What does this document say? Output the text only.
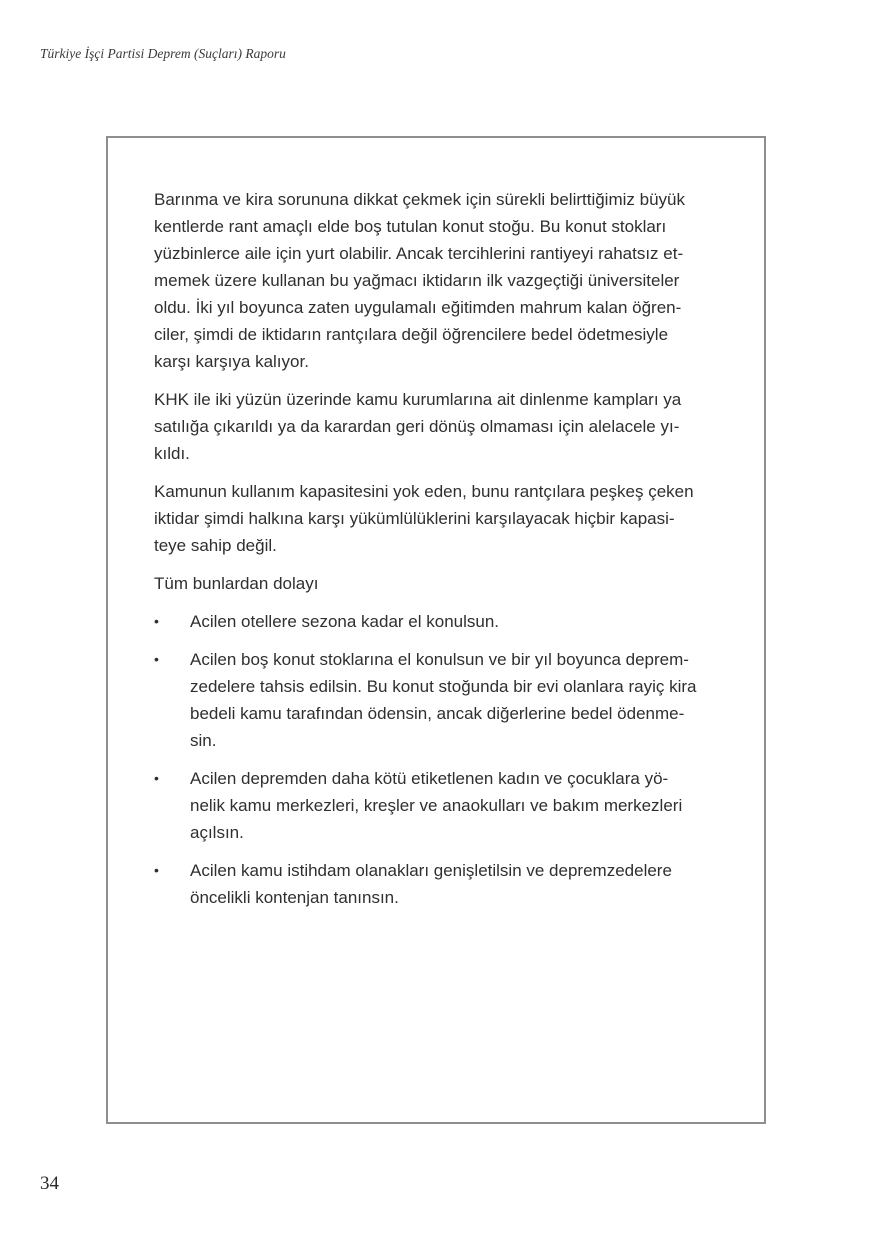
Türkiye İşçi Partisi Deprem (Suçları) Raporu

Barınma ve kira sorununa dikkat çekmek için sürekli belirttiğimiz büyük
kentlerde rant amaçlı elde boş tutulan konut stoğu. Bu konut stokları
yüzbinlerce aile için yurt olabilir. Ancak tercihlerini rantiyeyi rahatsız et-
memek üzere kullanan bu yağmacı iktidarın ilk vazgeçtiği üniversiteler
oldu. İki yıl boyunca zaten uygulamalı eğitimden mahrum kalan öğren-
ciler, şimdi de iktidarın rantçılara değil öğrencilere bedel ödetmesiyle
karşı karşıya kalıyor.

KHK ile iki yüzün üzerinde kamu kurumlarına ait dinlenme kampları ya
satılığa çıkarıldı ya da karardan geri dönüş olmaması için alelacele yı-
kıldı.

Kamunun kullanım kapasitesini yok eden, bunu rantçılara peşkeş çeken
iktidar şimdi halkına karşı yükümlülüklerini karşılayacak hiçbir kapasi-
teye sahip değil.

Tüm bunlardan dolayı

• Acilen otellere sezona kadar el konulsun.
• Acilen boş konut stoklarına el konulsun ve bir yıl boyunca deprem-
zedelere tahsis edilsin. Bu konut stoğunda bir evi olanlara rayiç kira
bedeli kamu tarafından ödensin, ancak diğerlerine bedel ödenme-
sin.
• Acilen depremden daha kötü etiketlenen kadın ve çocuklara yö-
nelik kamu merkezleri, kreşler ve anaokulları ve bakım merkezleri
açılsın.
• Acilen kamu istihdam olanakları genişletilsin ve depremzedelere
öncelikli kontenjan tanınsın.
34
